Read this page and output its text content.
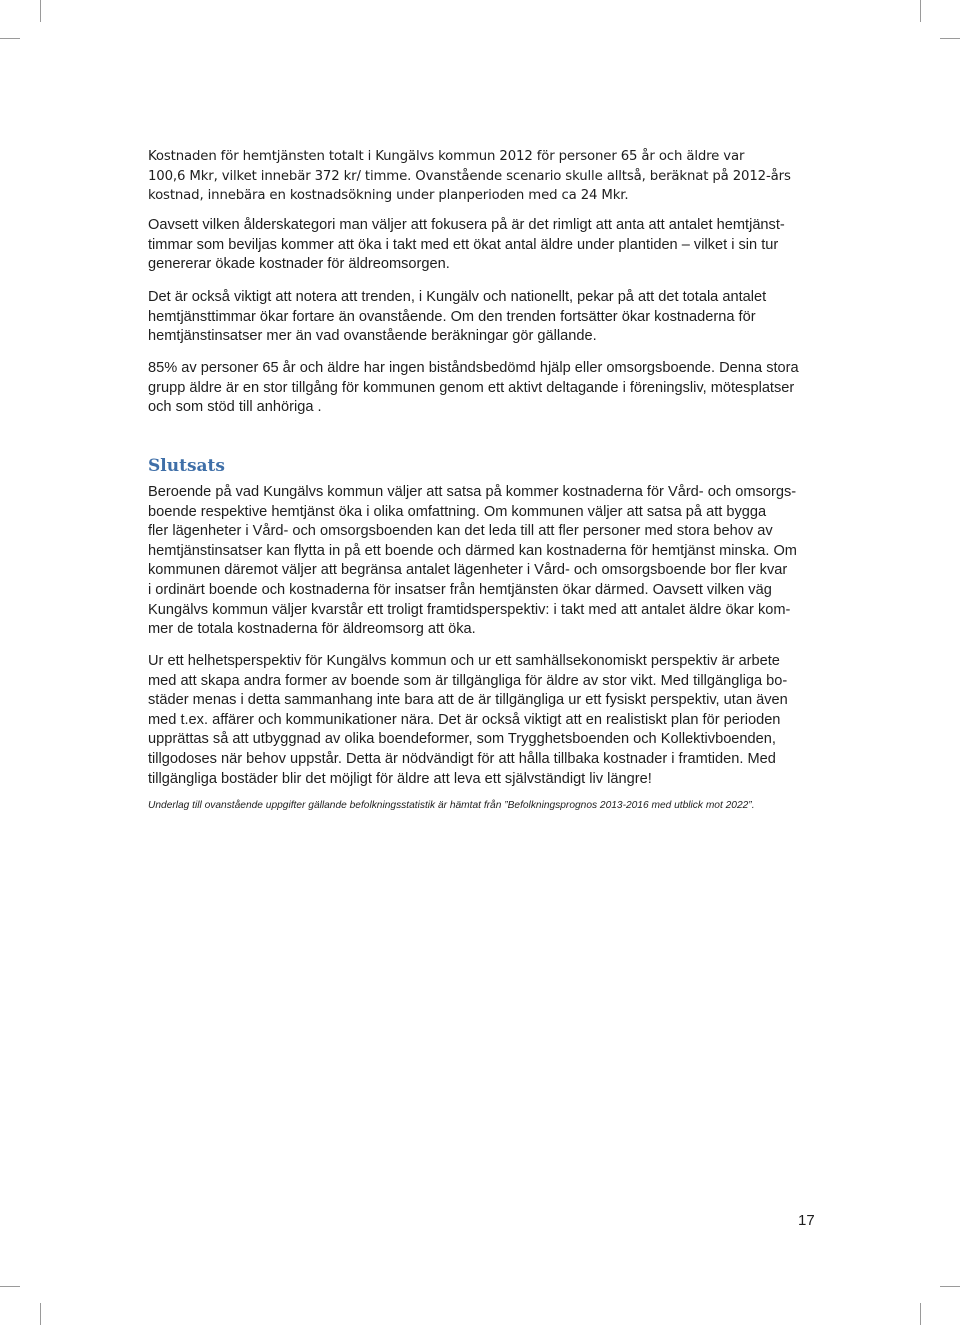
Kostnaden för hemtjänsten totalt i Kungälvs kommun 2012 för personer 65 år och äldre var
100,6 Mkr, vilket innebär 372 kr/ timme. Ovanstående scenario skulle alltså, beräknat på 2012-års
kostnad, innebära en kostnadsökning under planperioden med ca 24 Mkr.

Oavsett vilken ålderskategori man väljer att fokusera på är det rimligt att anta att antalet hemtjänst-
timmar som beviljas kommer att öka i takt med ett ökat antal äldre under plantiden – vilket i sin tur
genererar ökade kostnader för äldreomsorgen.

Det är också viktigt att notera att trenden, i Kungälv och nationellt, pekar på att det totala antalet
hemtjänsttimmar ökar fortare än ovanstående. Om den trenden fortsätter ökar kostnaderna för
hemtjänstinsatser mer än vad ovanstående beräkningar gör gällande.

85% av personer 65 år och äldre har ingen biståndsbedömd hjälp eller omsorgsboende. Denna stora
grupp äldre är en stor tillgång för kommunen genom ett aktivt deltagande i föreningsliv, mötesplatser
och som stöd till anhöriga .

Slutsats

Beroende på vad Kungälvs kommun väljer att satsa på kommer kostnaderna för Vård- och omsorgs-
boende respektive hemtjänst öka i olika omfattning. Om kommunen väljer att satsa på att bygga
fler lägenheter i Vård- och omsorgsboenden kan det leda till att fler personer med stora behov av
hemtjänstinsatser kan flytta in på ett boende och därmed kan kostnaderna för hemtjänst minska. Om
kommunen däremot väljer att begränsa antalet lägenheter i Vård- och omsorgsboende bor fler kvar
i ordinärt boende och kostnaderna för insatser från hemtjänsten ökar därmed. Oavsett vilken väg
Kungälvs kommun väljer kvarstår ett troligt framtidsperspektiv: i takt med att antalet äldre ökar kom-
mer de totala kostnaderna för äldreomsorg att öka.

Ur ett helhetsperspektiv för Kungälvs kommun och ur ett samhällsekonomiskt perspektiv är arbete
med att skapa andra former av boende som är tillgängliga för äldre av stor vikt. Med tillgängliga bo-
städer menas i detta sammanhang inte bara att de är tillgängliga ur ett fysiskt perspektiv, utan även
med t.ex. affärer och kommunikationer nära. Det är också viktigt att en realistiskt plan för perioden
upprättas så att utbyggnad av olika boendeformer, som Trygghetsboenden och Kollektivboenden,
tillgodoses när behov uppstår. Detta är nödvändigt för att hålla tillbaka kostnader i framtiden. Med
tillgängliga bostäder blir det möjligt för äldre att leva ett självständigt liv längre!

Underlag till ovanstående uppgifter gällande befolkningsstatistik är hämtat från ”Befolkningsprognos 2013-2016 med utblick mot 2022”.

17
